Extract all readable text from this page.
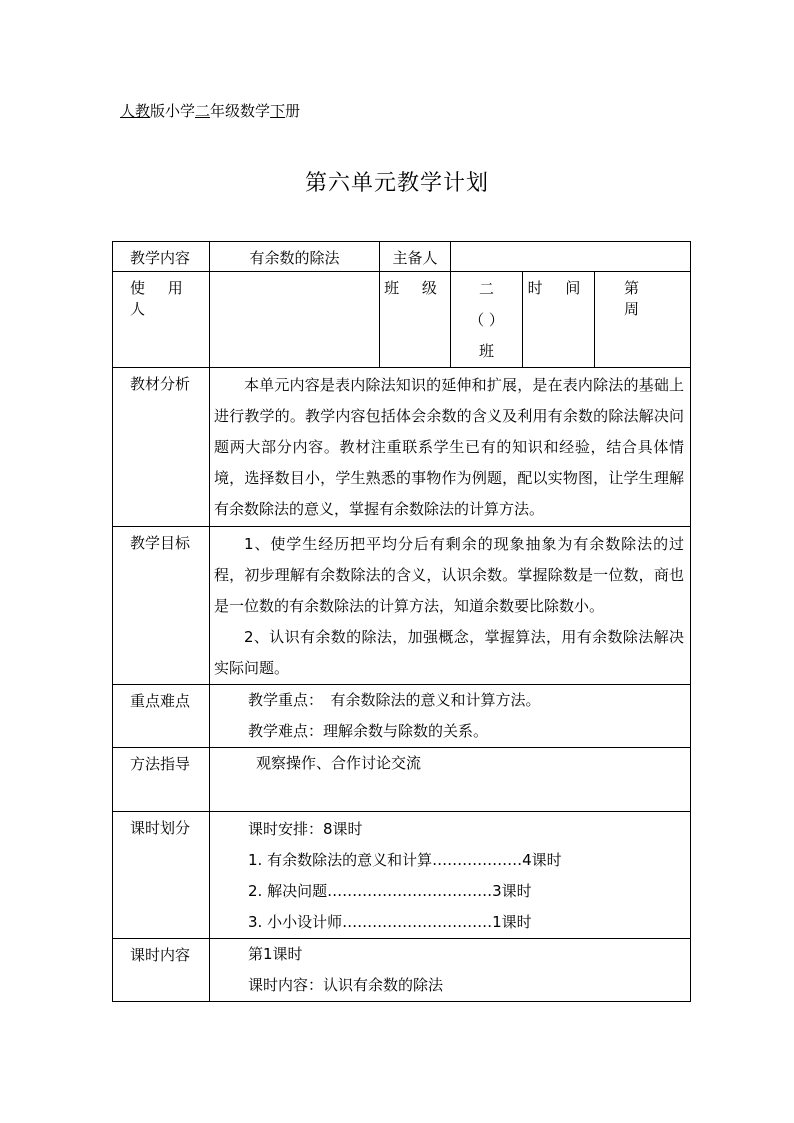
人教版小学二年级数学下册
第六单元教学计划
教学内容	有余数的除法	主备人			
使 用 人		班 级	二
（ ）
班	时 间	第 周
教材分析	本单元内容是表内除法知识的延伸和扩展，是在表内除法的基础上进行教学的。教学内容包括体会余数的含义及利用有余数的除法解决问题两大部分内容。教材注重联系学生已有的知识和经验，结合具体情境，选择数目小，学生熟悉的事物作为例题，配以实物图，让学生理解有余数除法的意义，掌握有余数除法的计算方法。				
教学目标	1、使学生经历把平均分后有剩余的现象抽象为有余数除法的过程，初步理解有余数除法的含义，认识余数。掌握除数是一位数，商也是一位数的有余数除法的计算方法，知道余数要比除数小。

2、认识有余数的除法，加强概念，掌握算法，用有余数除法解决实际问题。				

重点难点	教学重点：　有余数除法的意义和计算方法。
教学难点：理解余数与除数的关系。				

方法指导	观察操作、合作讨论交流				

课时划分	课时安排：8课时
1. 有余数除法的意义和计算………………4课时
2. 解决问题……………………………3课时
3. 小小设计师…………………………1课时				

课时内容	第1课时
课时内容：认识有余数的除法				
